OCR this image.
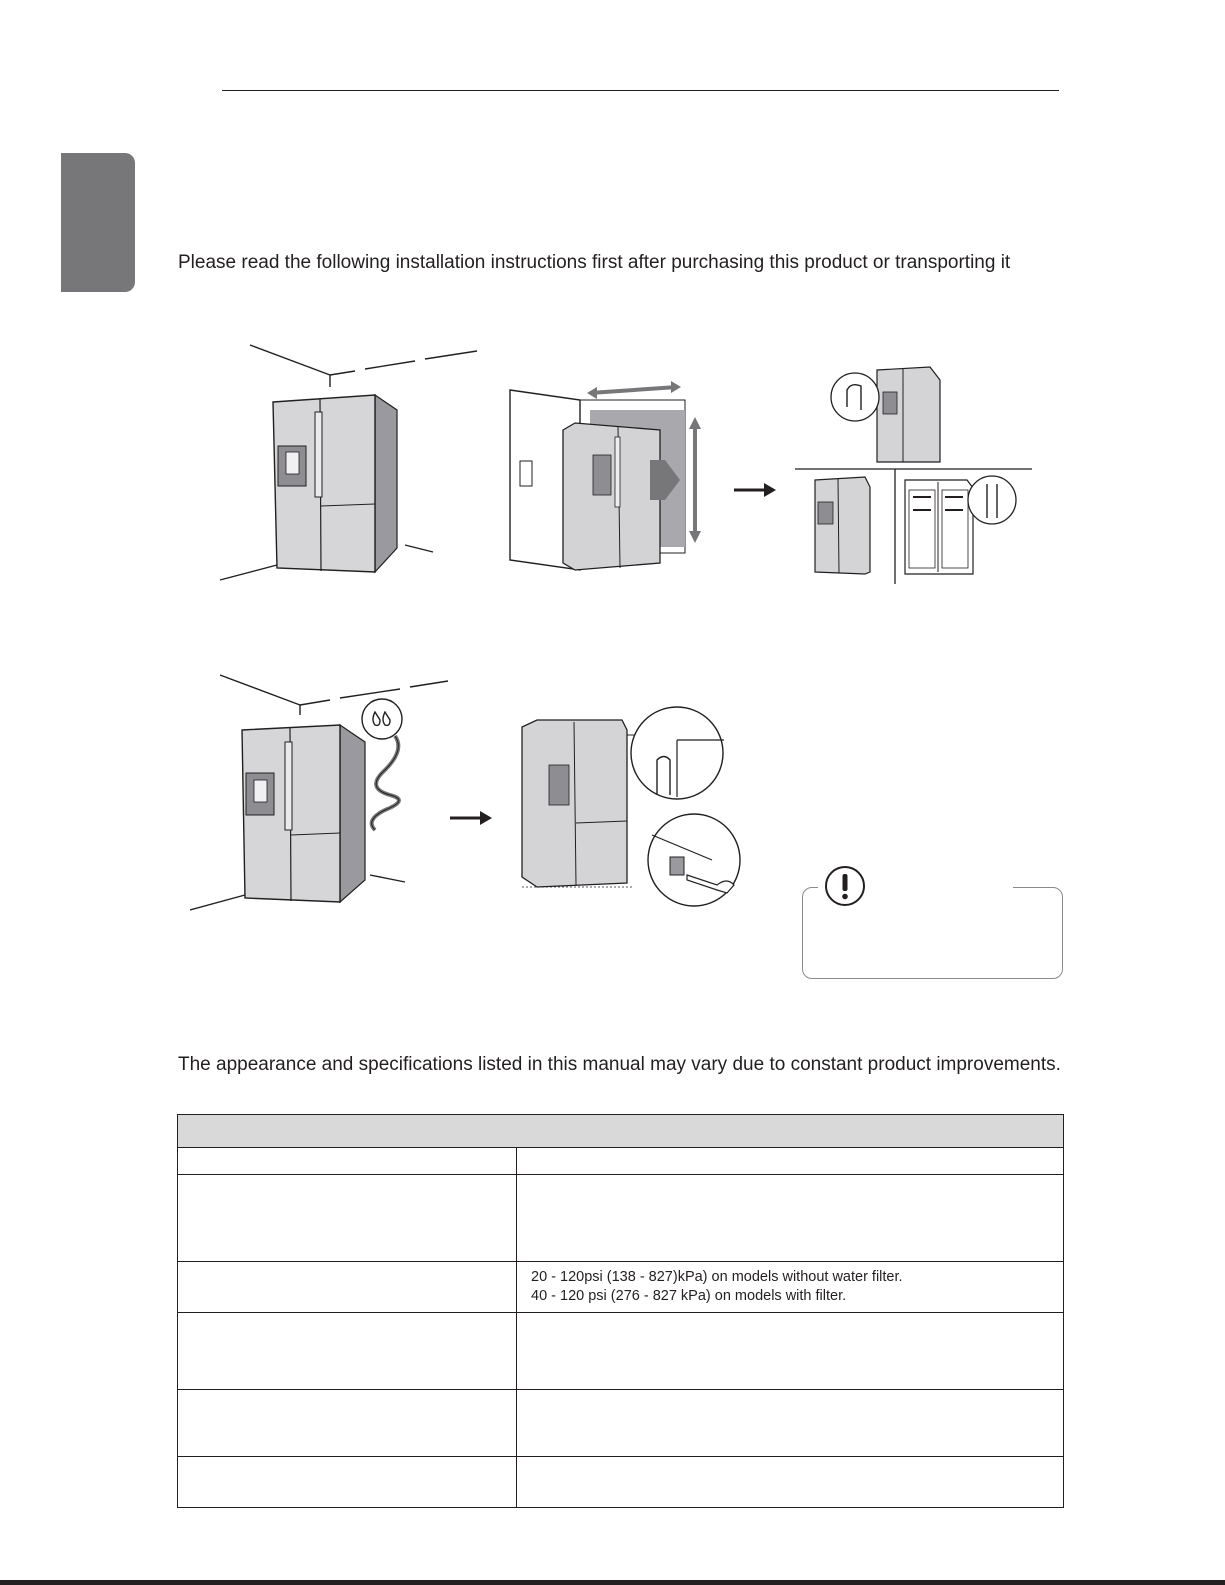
Please read the following installation instructions first after purchasing this product or transporting it

The appearance and specifications listed in this manual may vary due to constant product improvements.

	20 - 120psi (138 - 827)kPa) on models without water filter.
40 - 120 psi (276 - 827 kPa) on models with filter.
